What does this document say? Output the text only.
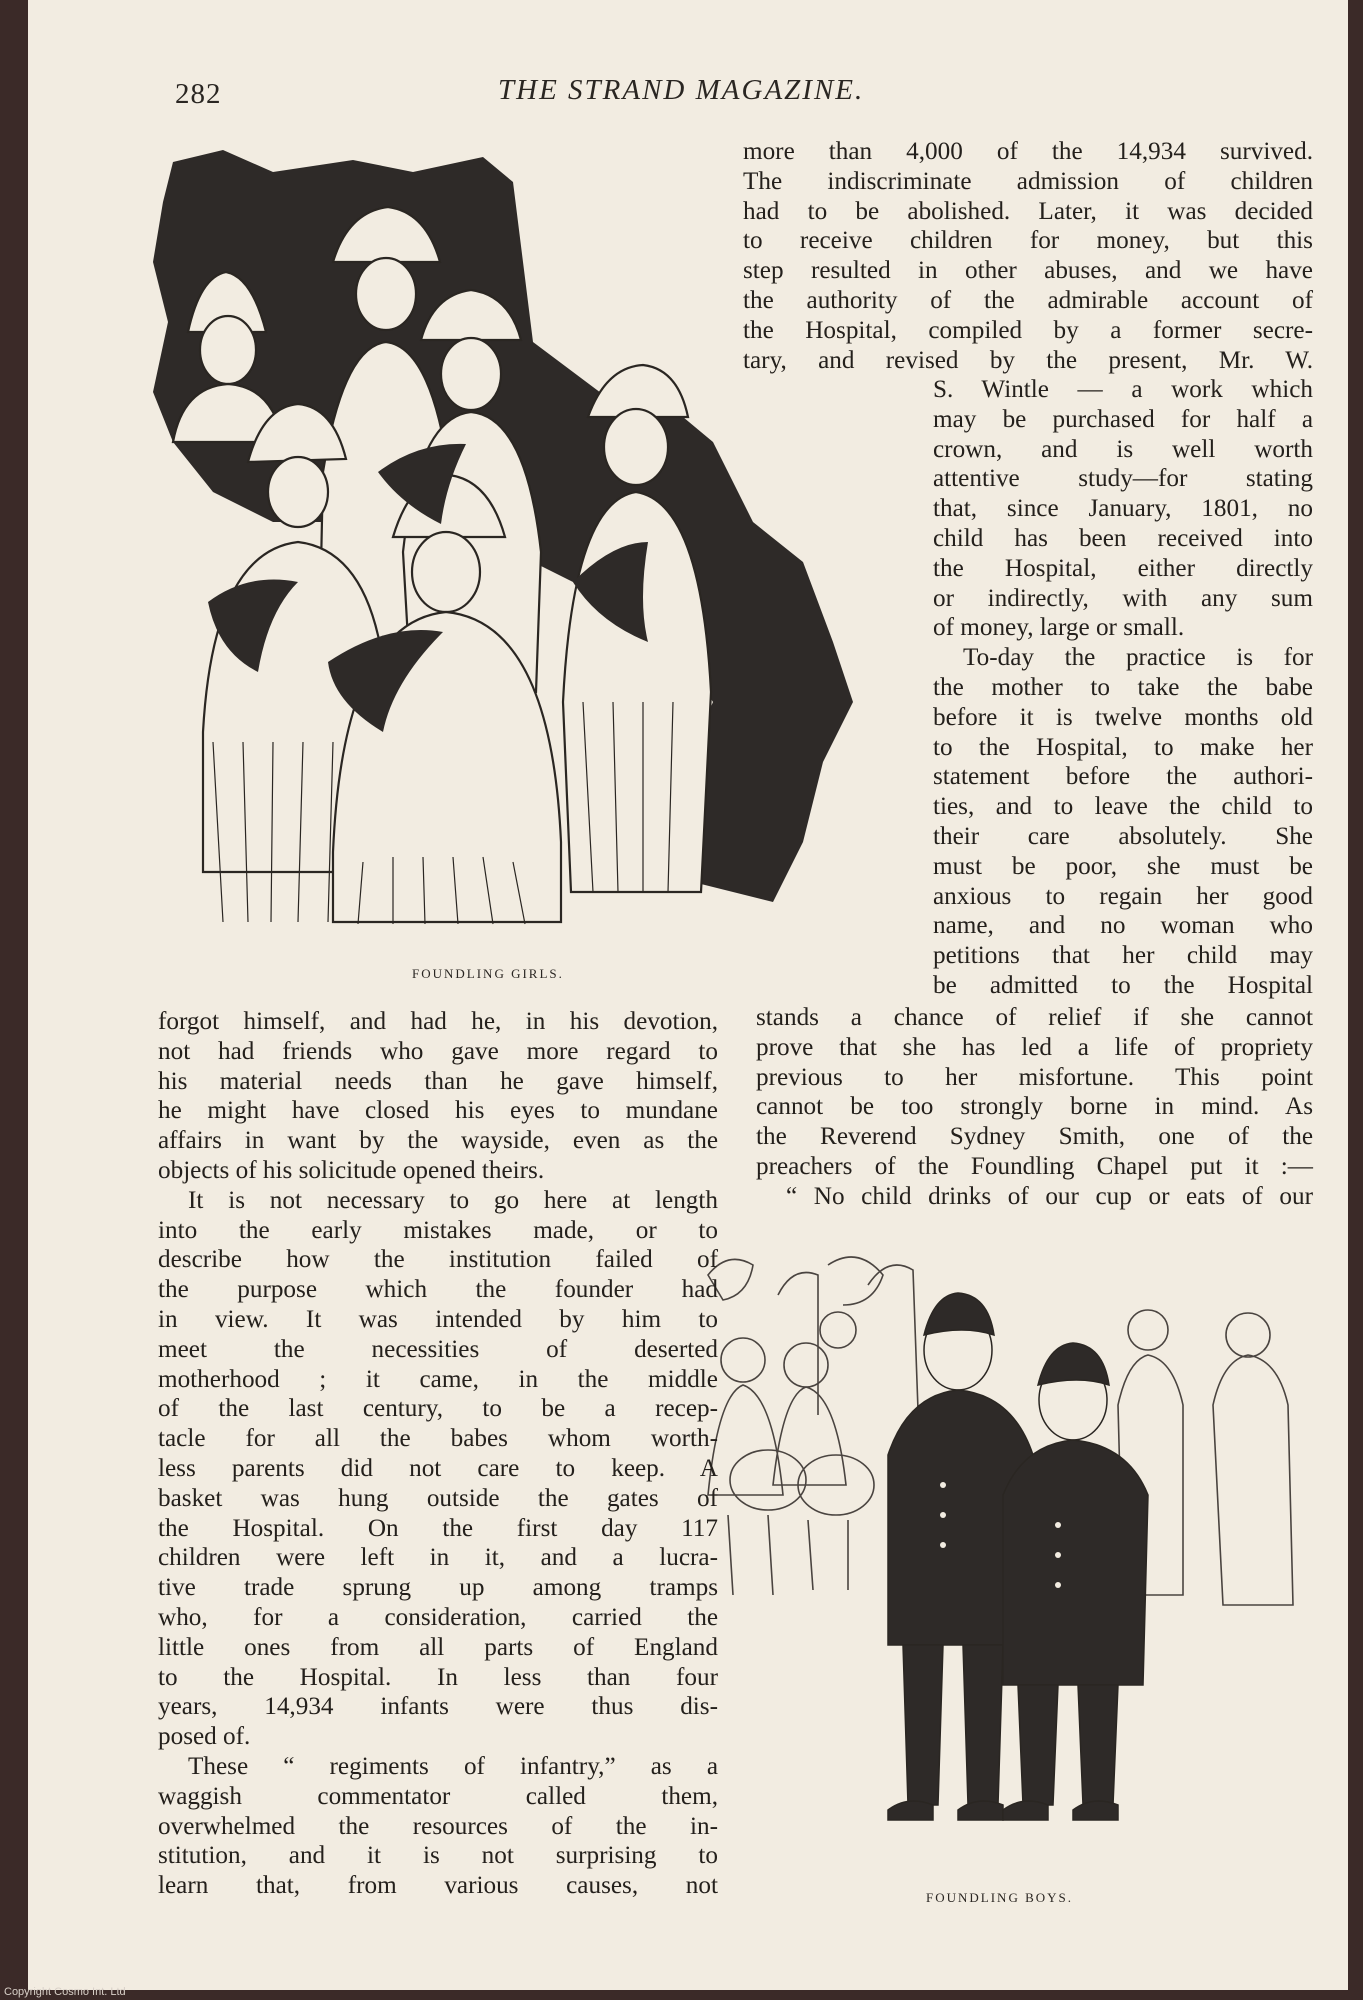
282	THE STRAND MAGAZINE.
FOUNDLING GIRLS.
FOUNDLING BOYS.

more than 4,000 of the 14,934 survived.

The indiscriminate admission of children

had to be abolished. Later, it was decided

to receive children for money, but this

step resulted in other abuses, and we have

the authority of the admirable account of

the Hospital, compiled by a former secre-

tary, and revised by the present, Mr. W.

S. Wintle — a work which

may be purchased for half a

crown, and is well worth

attentive study—for stating

that, since January, 1801, no

child has been received into

the Hospital, either directly

or indirectly, with any sum

of money, large or small.

To-day the practice is for

the mother to take the babe

before it is twelve months old

to the Hospital, to make her

statement before the authori-

ties, and to leave the child to

their care absolutely. She

must be poor, she must be

anxious to regain her good

name, and no woman who

petitions that her child may

be admitted to the Hospital

stands a chance of relief if she cannot

prove that she has led a life of propriety

previous to her misfortune. This point

cannot be too strongly borne in mind. As

the Reverend Sydney Smith, one of the

preachers of the Foundling Chapel put it :—

“ No child drinks of our cup or eats of our

forgot himself, and had he, in his devotion,

not had friends who gave more regard to

his material needs than he gave himself,

he might have closed his eyes to mundane

affairs in want by the wayside, even as the

objects of his solicitude opened theirs.

It is not necessary to go here at length

into the early mistakes made, or to

describe how the institution failed of

the purpose which the founder had

in view. It was intended by him to

meet the necessities of deserted

motherhood ; it came, in the middle

of the last century, to be a recep-

tacle for all the babes whom worth-

less parents did not care to keep. A

basket was hung outside the gates of

the Hospital. On the first day 117

children were left in it, and a lucra-

tive trade sprung up among tramps

who, for a consideration, carried the

little ones from all parts of England

to the Hospital. In less than four

years, 14,934 infants were thus dis-

posed of.

These “ regiments of infantry,” as a

waggish commentator called them,

overwhelmed the resources of the in-

stitution, and it is not surprising to

learn that, from various causes, not

Copyright Cosmo Int. Ltd
